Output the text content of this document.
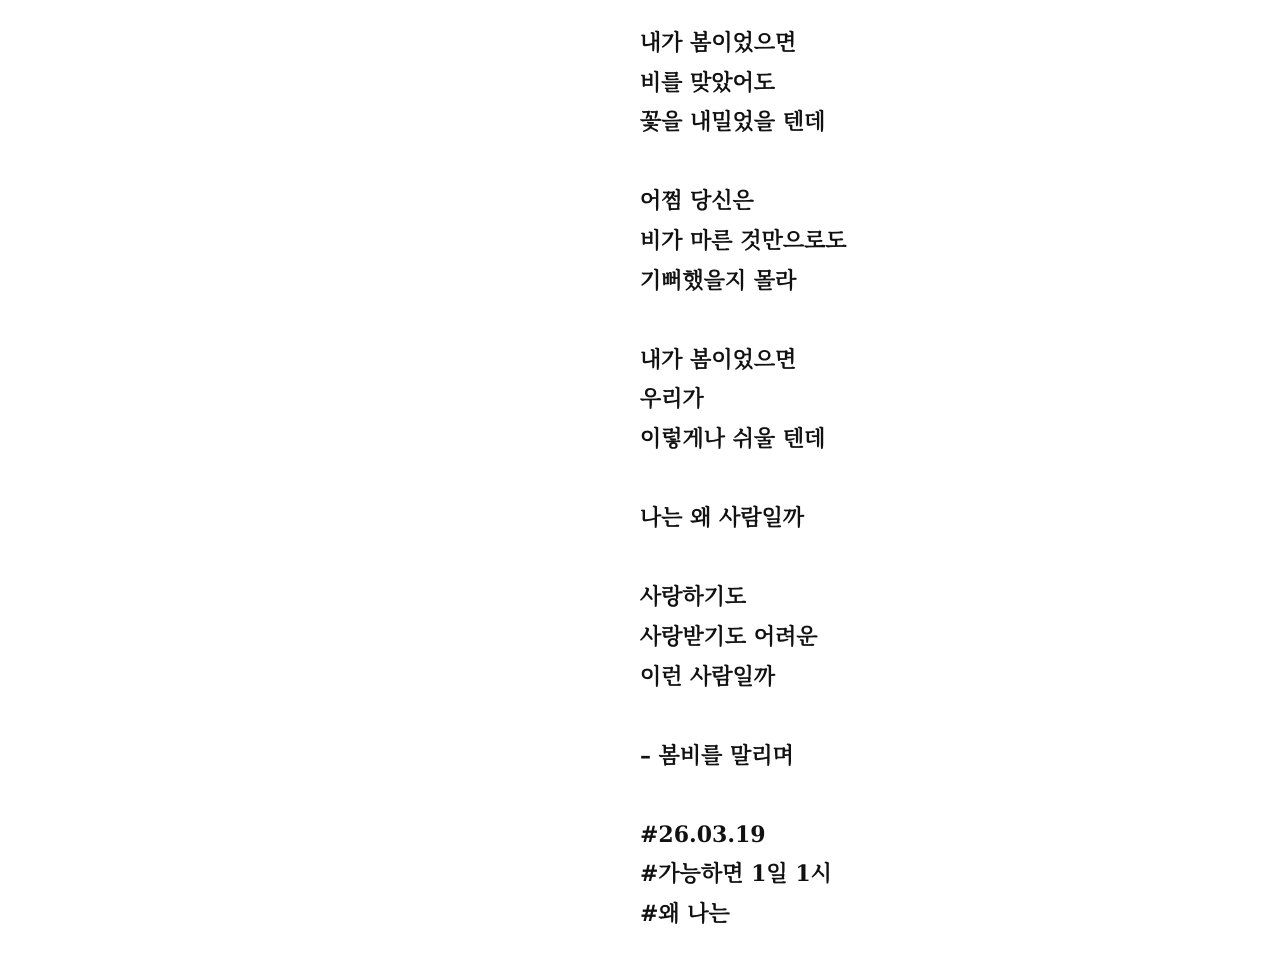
내가 봄이었으면
비를 맞았어도
꽃을 내밀었을 텐데
어쩜 당신은
비가 마른 것만으로도
기뻐했을지 몰라
내가 봄이었으면
우리가
이렇게나 쉬울 텐데
나는 왜 사람일까
사랑하기도
사랑받기도 어려운
이런 사람일까
– 봄비를 말리며
#26.03.19
#가능하면 1일 1시
#왜 나는
